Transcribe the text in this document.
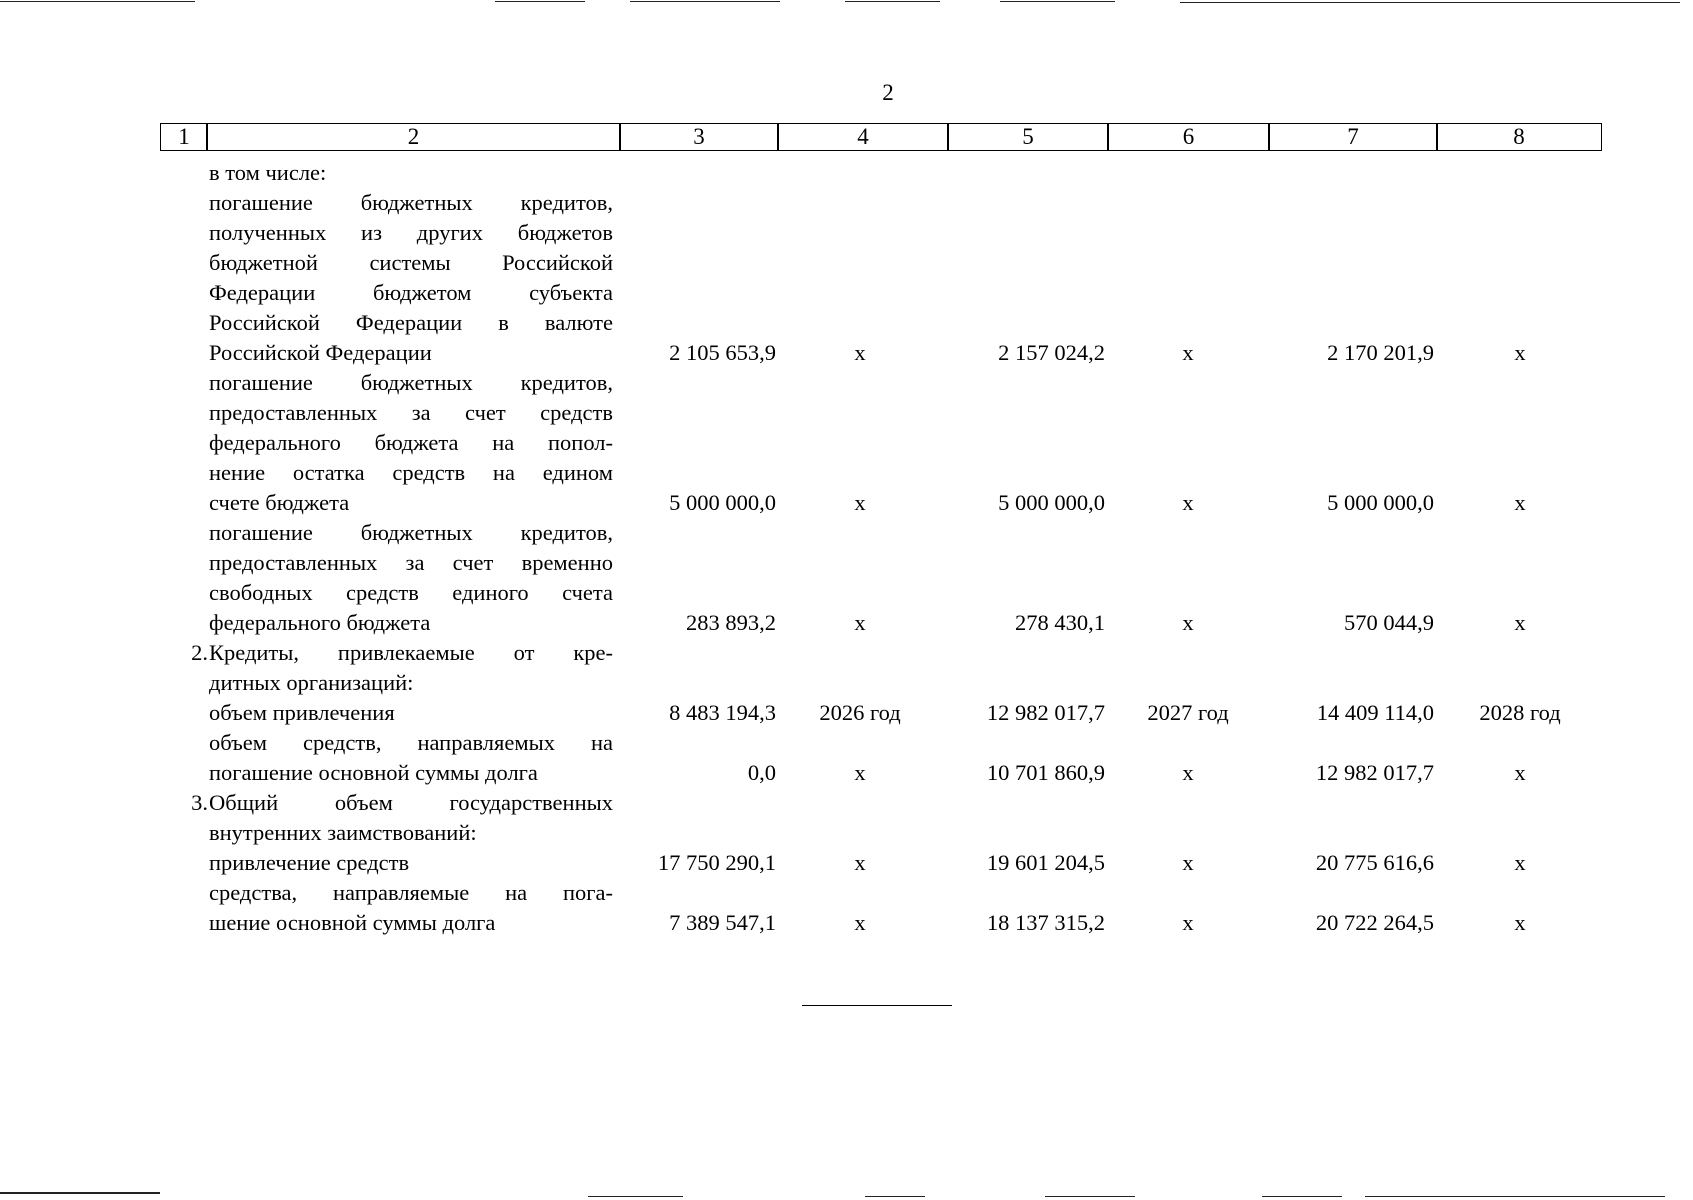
2
1	2	3	4	5	6	7	8
в том числе:
погашение бюджетных кредитов,
полученных из других бюджетов
бюджетной системы Российской
Федерации бюджетом субъекта
Российской Федерации в валюте
Российской Федерации	2 105 653,9	х	2 157 024,2	х	2 170 201,9	х
погашение бюджетных кредитов,
предоставленных за счет средств
федерального бюджета на попол-
нение остатка средств на едином
счете бюджета	5 000 000,0	х	5 000 000,0	х	5 000 000,0	х
погашение бюджетных кредитов,
предоставленных за счет временно
свободных средств единого счета
федерального бюджета	283 893,2	х	278 430,1	х	570 044,9	х
2. Кредиты, привлекаемые от кре-
дитных организаций:
объем привлечения	8 483 194,3	2026 год	12 982 017,7	2027 год	14 409 114,0	2028 год
объем средств, направляемых на
погашение основной суммы долга	0,0	х	10 701 860,9	х	12 982 017,7	х
3. Общий объем государственных
внутренних заимствований:
привлечение средств	17 750 290,1	х	19 601 204,5	х	20 775 616,6	х
средства, направляемые на пога-
шение основной суммы долга	7 389 547,1	х	18 137 315,2	х	20 722 264,5	х
